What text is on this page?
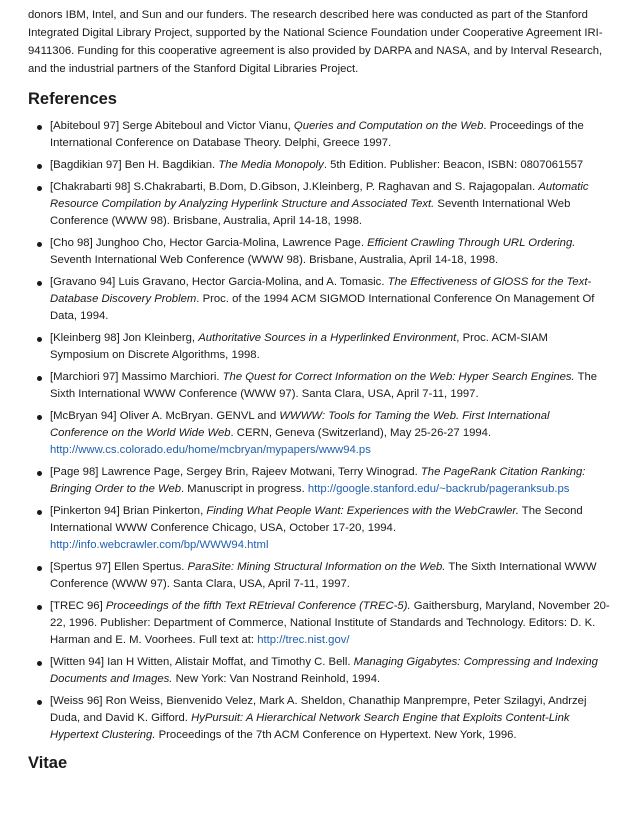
donors IBM, Intel, and Sun and our funders. The research described here was conducted as part of the Stanford Integrated Digital Library Project, supported by the National Science Foundation under Cooperative Agreement IRI-9411306. Funding for this cooperative agreement is also provided by DARPA and NASA, and by Interval Research, and the industrial partners of the Stanford Digital Libraries Project.

References
[Abiteboul 97] Serge Abiteboul and Victor Vianu, Queries and Computation on the Web. Proceedings of the International Conference on Database Theory. Delphi, Greece 1997.
[Bagdikian 97] Ben H. Bagdikian. The Media Monopoly. 5th Edition. Publisher: Beacon, ISBN: 0807061557
[Chakrabarti 98] S.Chakrabarti, B.Dom, D.Gibson, J.Kleinberg, P. Raghavan and S. Rajagopalan. Automatic Resource Compilation by Analyzing Hyperlink Structure and Associated Text. Seventh International Web Conference (WWW 98). Brisbane, Australia, April 14-18, 1998.
[Cho 98] Junghoo Cho, Hector Garcia-Molina, Lawrence Page. Efficient Crawling Through URL Ordering. Seventh International Web Conference (WWW 98). Brisbane, Australia, April 14-18, 1998.
[Gravano 94] Luis Gravano, Hector Garcia-Molina, and A. Tomasic. The Effectiveness of GlOSS for the Text-Database Discovery Problem. Proc. of the 1994 ACM SIGMOD International Conference On Management Of Data, 1994.
[Kleinberg 98] Jon Kleinberg, Authoritative Sources in a Hyperlinked Environment, Proc. ACM-SIAM Symposium on Discrete Algorithms, 1998.
[Marchiori 97] Massimo Marchiori. The Quest for Correct Information on the Web: Hyper Search Engines. The Sixth International WWW Conference (WWW 97). Santa Clara, USA, April 7-11, 1997.
[McBryan 94] Oliver A. McBryan. GENVL and WWWW: Tools for Taming the Web. First International Conference on the World Wide Web. CERN, Geneva (Switzerland), May 25-26-27 1994. http://www.cs.colorado.edu/home/mcbryan/mypapers/www94.ps
[Page 98] Lawrence Page, Sergey Brin, Rajeev Motwani, Terry Winograd. The PageRank Citation Ranking: Bringing Order to the Web. Manuscript in progress. http://google.stanford.edu/~backrub/pageranksub.ps
[Pinkerton 94] Brian Pinkerton, Finding What People Want: Experiences with the WebCrawler. The Second International WWW Conference Chicago, USA, October 17-20, 1994. http://info.webcrawler.com/bp/WWW94.html
[Spertus 97] Ellen Spertus. ParaSite: Mining Structural Information on the Web. The Sixth International WWW Conference (WWW 97). Santa Clara, USA, April 7-11, 1997.
[TREC 96] Proceedings of the fifth Text REtrieval Conference (TREC-5). Gaithersburg, Maryland, November 20-22, 1996. Publisher: Department of Commerce, National Institute of Standards and Technology. Editors: D. K. Harman and E. M. Voorhees. Full text at: http://trec.nist.gov/
[Witten 94] Ian H Witten, Alistair Moffat, and Timothy C. Bell. Managing Gigabytes: Compressing and Indexing Documents and Images. New York: Van Nostrand Reinhold, 1994.
[Weiss 96] Ron Weiss, Bienvenido Velez, Mark A. Sheldon, Chanathip Manprempre, Peter Szilagyi, Andrzej Duda, and David K. Gifford. HyPursuit: A Hierarchical Network Search Engine that Exploits Content-Link Hypertext Clustering. Proceedings of the 7th ACM Conference on Hypertext. New York, 1996.
Vitae
